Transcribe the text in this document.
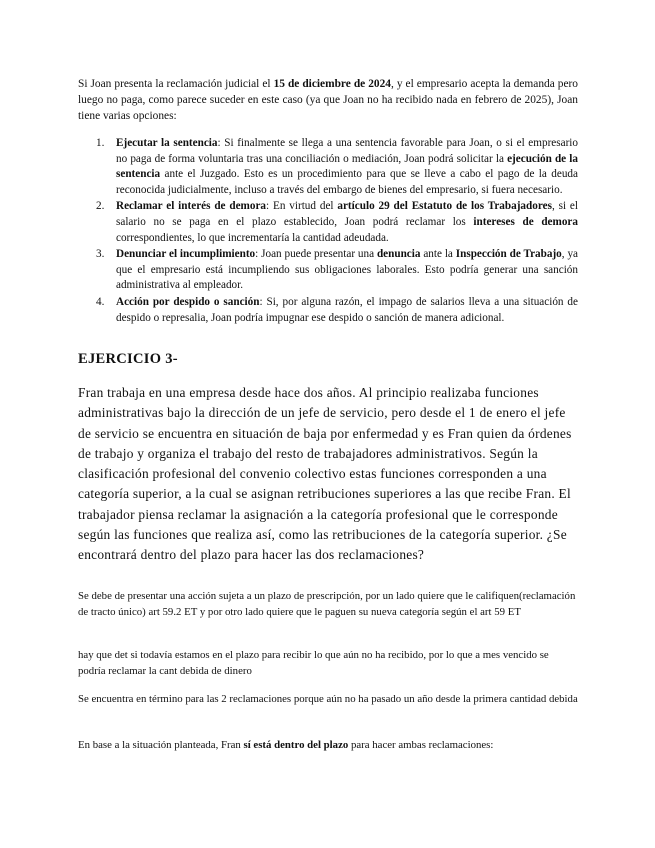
Si Joan presenta la reclamación judicial el 15 de diciembre de 2024, y el empresario acepta la demanda pero luego no paga, como parece suceder en este caso (ya que Joan no ha recibido nada en febrero de 2025), Joan tiene varias opciones:

1. Ejecutar la sentencia: Si finalmente se llega a una sentencia favorable para Joan, o si el empresario no paga de forma voluntaria tras una conciliación o mediación, Joan podrá solicitar la ejecución de la sentencia ante el Juzgado. Esto es un procedimiento para que se lleve a cabo el pago de la deuda reconocida judicialmente, incluso a través del embargo de bienes del empresario, si fuera necesario.
2. Reclamar el interés de demora: En virtud del artículo 29 del Estatuto de los Trabajadores, si el salario no se paga en el plazo establecido, Joan podrá reclamar los intereses de demora correspondientes, lo que incrementaría la cantidad adeudada.
3. Denunciar el incumplimiento: Joan puede presentar una denuncia ante la Inspección de Trabajo, ya que el empresario está incumpliendo sus obligaciones laborales. Esto podría generar una sanción administrativa al empleador.
4. Acción por despido o sanción: Si, por alguna razón, el impago de salarios lleva a una situación de despido o represalia, Joan podría impugnar ese despido o sanción de manera adicional.
EJERCICIO 3-

Fran trabaja en una empresa desde hace dos años. Al principio realizaba funciones administrativas bajo la dirección de un jefe de servicio, pero desde el 1 de enero el jefe de servicio se encuentra en situación de baja por enfermedad y es Fran quien da órdenes de trabajo y organiza el trabajo del resto de trabajadores administrativos. Según la clasificación profesional del convenio colectivo estas funciones corresponden a una categoría superior, a la cual se asignan retribuciones superiores a las que recibe Fran. El trabajador piensa reclamar la asignación a la categoría profesional que le corresponde según las funciones que realiza así, como las retribuciones de la categoría superior. ¿Se encontrará dentro del plazo para hacer las dos reclamaciones?

Se debe de presentar una acción sujeta a un plazo de prescripción, por un lado quiere que le califiquen(reclamación de tracto único) art 59.2 ET y por otro lado quiere que le paguen su nueva categoría según el art 59 ET

hay que det si todavía estamos en el plazo para recibir lo que aún no ha recibido, por lo que a mes vencido se podría reclamar la cant debida de dinero

Se encuentra en término para las 2 reclamaciones porque aún no ha pasado un año desde la primera cantidad debida

En base a la situación planteada, Fran sí está dentro del plazo para hacer ambas reclamaciones:
